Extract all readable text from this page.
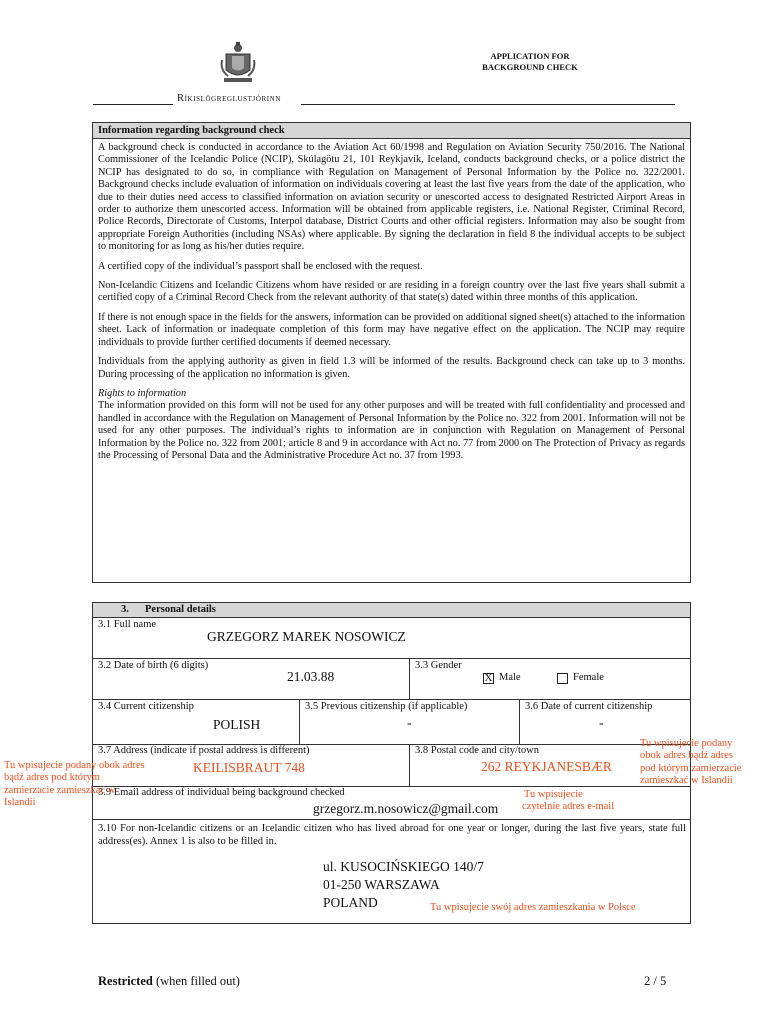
Ríkislögreglustjórinn
APPLICATION FOR
BACKGROUND CHECK
Information regarding background check

A background check is conducted in accordance to the Aviation Act 60/1998 and Regulation on Aviation Security 750/2016. The National Commissioner of the Icelandic Police (NCIP), Skúlagötu 21, 101 Reykjavík, Iceland, conducts background checks, or a police district the NCIP has designated to do so, in compliance with Regulation on Management of Personal Information by the Police no. 322/2001. Background checks include evaluation of information on individuals covering at least the last five years from the date of the application, who due to their duties need access to classified information on aviation security or unescorted access to designated Restricted Airport Areas in order to authorize them unescorted access. Information will be obtained from applicable registers, i.e. National Register, Criminal Record, Police Records, Directorate of Customs, Interpol database, District Courts and other official registers. Information may also be sought from appropriate Foreign Authorities (including NSAs) where applicable. By signing the declaration in field 8 the individual accepts to be subject to monitoring for as long as his/her duties require.

A certified copy of the individual’s passport shall be enclosed with the request.

Non-Icelandic Citizens and Icelandic Citizens whom have resided or are residing in a foreign country over the last five years shall submit a certified copy of a Criminal Record Check from the relevant authority of that state(s) dated within three months of this application.

If there is not enough space in the fields for the answers, information can be provided on additional signed sheet(s) attached to the information sheet. Lack of information or inadequate completion of this form may have negative effect on the application. The NCIP may require individuals to provide further certified documents if deemed necessary.

Individuals from the applying authority as given in field 1.3 will be informed of the results. Background check can take up to 3 months. During processing of the application no information is given.

Rights to information

The information provided on this form will not be used for any other purposes and will be treated with full confidentiality and processed and handled in accordance with the Regulation on Management of Personal Information by the Police no. 322 from 2001. Information will not be used for any other purposes. The individual’s rights to information are in conjunction with Regulation on Management of Personal Information by the Police no. 322 from 2001; article 8 and 9 in accordance with Act no. 77 from 2000 on The Protection of Privacy as regards the Processing of Personal Data and the Administrative Procedure Act no. 37 from 1993.

3. Personal details
3.1 Full name
GRZEGORZ MAREK NOSOWICZ
3.2 Date of birth (6 digits)
21.03.88
3.3 Gender
X Male	Female
3.4 Current citizenship
POLISH
3.5 Previous citizenship (if applicable)
-
3.6 Date of current citizenship
-
3.7 Address (indicate if postal address is different)
KEILISBRAUT 748
3.8 Postal code and city/town
262 REYKJANESBÆR
3.9 Email address of individual being background checked
grzegorz.m.nosowicz@gmail.com
3.10 For non-Icelandic citizens or an Icelandic citizen who has lived abroad for one year or longer, during the last five years, state full address(es). Annex 1 is also to be filled in.
ul. KUSOCIŃSKIEGO 140/7
01-250 WARSZAWA
POLAND
Tu wpisujecie podany obok adres
bądź adres pod którym
zamierzacie zamieszkać w
Islandii
Tu wpisujecie podany
obok adres bądź adres
pod którym zamierzacie
zamieszkać w Islandii
Tu wpisujecie
czytelnie adres e-mail
Tu wpisujecie swój adres zamieszkania w Polsce
Restricted (when filled out)	2 / 5
